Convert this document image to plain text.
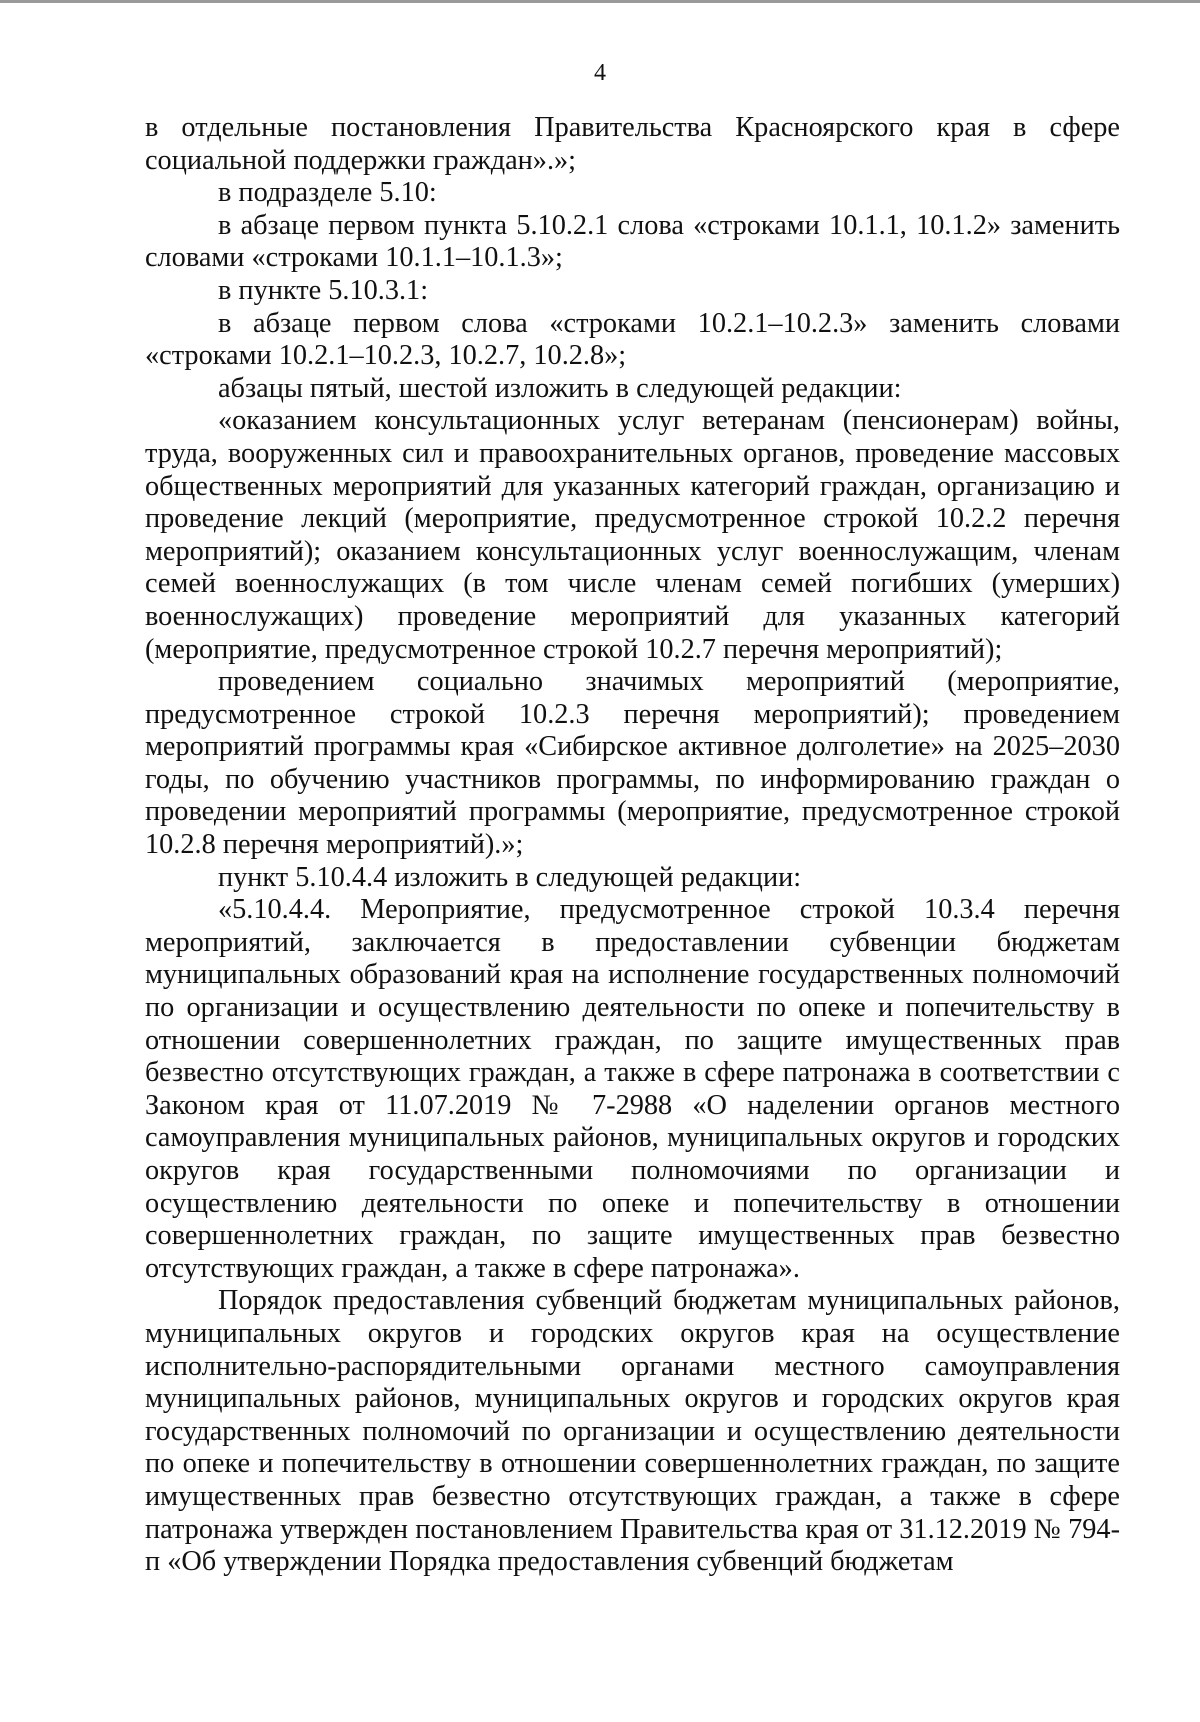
4

в отдельные постановления Правительства Красноярского края в сфере социальной поддержки граждан».»;

в подразделе 5.10:

в абзаце первом пункта 5.10.2.1 слова «строками 10.1.1, 10.1.2» заменить словами «строками 10.1.1–10.1.3»;

в пункте 5.10.3.1:

в абзаце первом слова «строками 10.2.1–10.2.3» заменить словами «строками 10.2.1–10.2.3, 10.2.7, 10.2.8»;

абзацы пятый, шестой изложить в следующей редакции:

«оказанием консультационных услуг ветеранам (пенсионерам) войны, труда, вооруженных сил и правоохранительных органов, проведение массовых общественных мероприятий для указанных категорий граждан, организацию и проведение лекций (мероприятие, предусмотренное строкой 10.2.2 перечня мероприятий); оказанием консультационных услуг военнослужащим, членам семей военнослужащих (в том числе членам семей погибших (умерших) военнослужащих) проведение мероприятий для указанных категорий (мероприятие, предусмотренное строкой 10.2.7 перечня мероприятий);

проведением социально значимых мероприятий (мероприятие, предусмотренное строкой 10.2.3 перечня мероприятий); проведением мероприятий программы края «Сибирское активное долголетие» на 2025–2030 годы, по обучению участников программы, по информированию граждан о проведении мероприятий программы (мероприятие, предусмотренное строкой 10.2.8 перечня мероприятий).»;

пункт 5.10.4.4 изложить в следующей редакции:

«5.10.4.4. Мероприятие, предусмотренное строкой 10.3.4 перечня мероприятий, заключается в предоставлении субвенции бюджетам муниципальных образований края на исполнение государственных полномочий по организации и осуществлению деятельности по опеке и попечительству в отношении совершеннолетних граждан, по защите имущественных прав безвестно отсутствующих граждан, а также в сфере патронажа в соответствии с Законом края от 11.07.2019 № 7-2988 «О наделении органов местного самоуправления муниципальных районов, муниципальных округов и городских округов края государственными полномочиями по организации и осуществлению деятельности по опеке и попечительству в отношении совершеннолетних граждан, по защите имущественных прав безвестно отсутствующих граждан, а также в сфере патронажа».

Порядок предоставления субвенций бюджетам муниципальных районов, муниципальных округов и городских округов края на осуществление исполнительно-распорядительными органами местного самоуправления муниципальных районов, муниципальных округов и городских округов края государственных полномочий по организации и осуществлению деятельности по опеке и попечительству в отношении совершеннолетних граждан, по защите имущественных прав безвестно отсутствующих граждан, а также в сфере патронажа утвержден постановлением Правительства края от 31.12.2019 № 794-п «Об утверждении Порядка предоставления субвенций бюджетам
